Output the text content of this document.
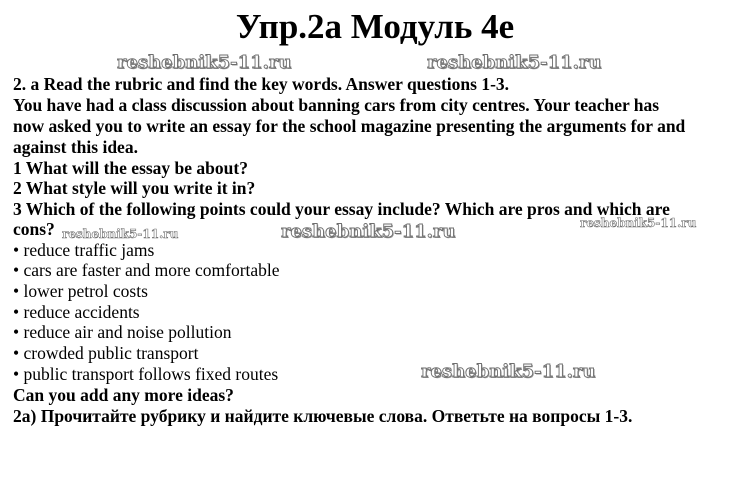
Упр.2а Модуль 4е
reshebnik5-11.ru	reshebnik5-11.ru

2. a Read the rubric and find the key words. Answer questions 1-3.

You have had a class discussion about banning cars from city centres. Your teacher has

now asked you to write an essay for the school magazine presenting the arguments for and

against this idea.

1 What will the essay be about?

2 What style will you write it in?

3 Which of the following points could your essay include? Which are pros and which are

cons? reshebnik5-11.ru	reshebnik5-11.ru	reshebnik5-11.ru

• reduce traffic jams

• cars are faster and more comfortable

• lower petrol costs

• reduce accidents

• reduce air and noise pollution

• crowded public transport

• public transport follows fixed routes	reshebnik5-11.ru

Can you add any more ideas?

2а) Прочитайте рубрику и найдите ключевые слова. Ответьте на вопросы 1-3.
